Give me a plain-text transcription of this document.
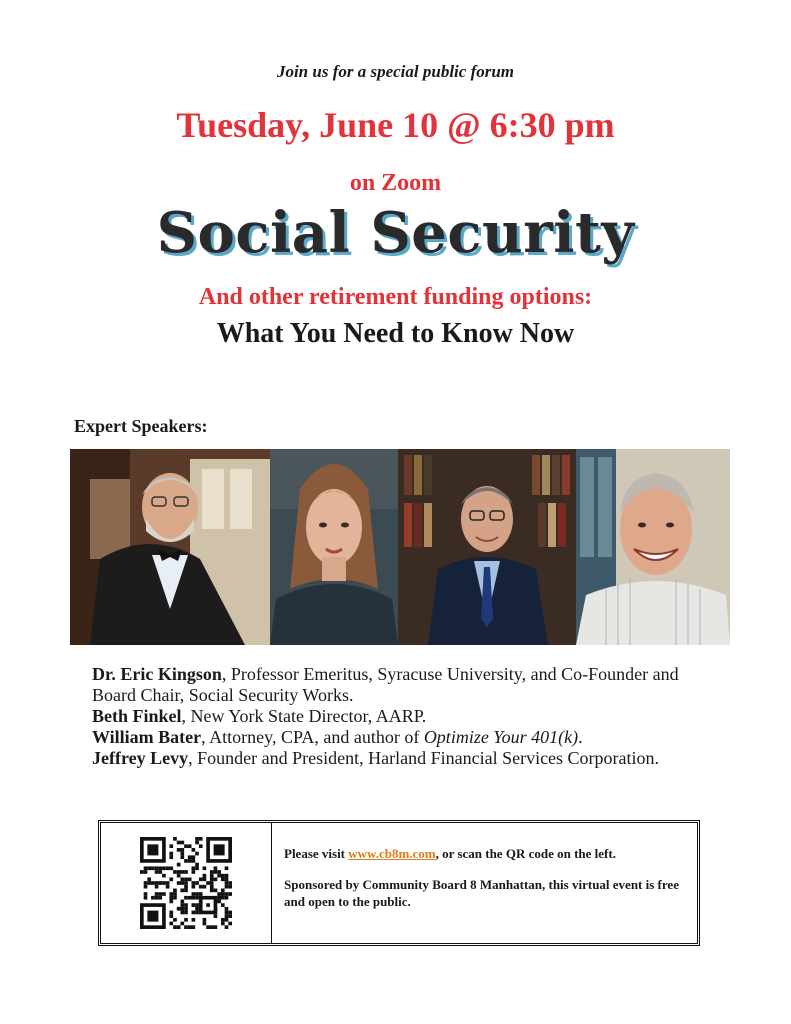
Join us for a special public forum
Tuesday, June 10 @ 6:30 pm
on Zoom
Social Security
And other retirement funding options:
What You Need to Know Now
Expert Speakers:

Dr. Eric Kingson, Professor Emeritus, Syracuse University, and Co-Founder and Board Chair, Social Security Works.

Beth Finkel, New York State Director, AARP.

William Bater, Attorney, CPA, and author of Optimize Your 401(k).

Jeffrey Levy, Founder and President, Harland Financial Services Corporation.

Please visit www.cb8m.com, or scan the QR code on the left.

Sponsored by Community Board 8 Manhattan, this virtual event is free and open to the public.
